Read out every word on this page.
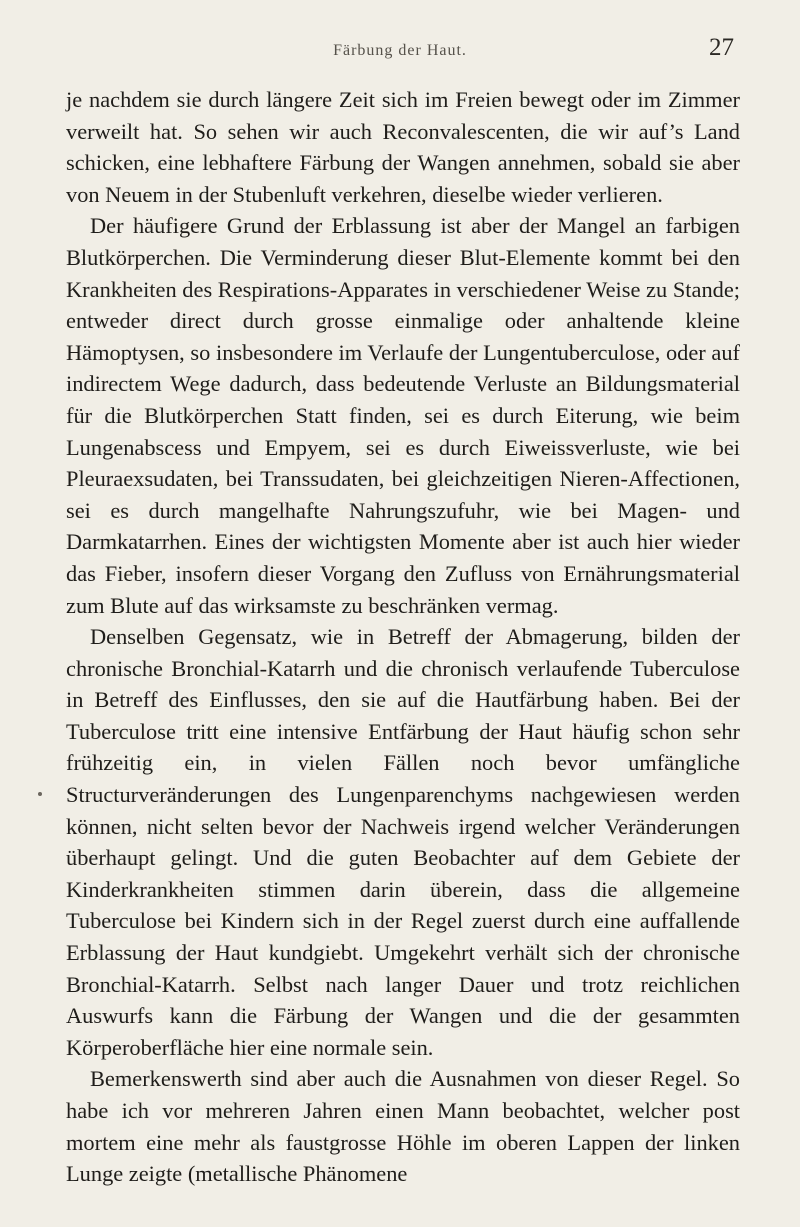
Färbung der Haut.	27

je nachdem sie durch längere Zeit sich im Freien bewegt oder im Zimmer verweilt hat. So sehen wir auch Reconvalescenten, die wir auf’s Land schicken, eine lebhaftere Färbung der Wangen annehmen, sobald sie aber von Neuem in der Stubenluft verkehren, dieselbe wieder verlieren.

Der häufigere Grund der Erblassung ist aber der Mangel an farbigen Blutkörperchen. Die Verminderung dieser Blut-Elemente kommt bei den Krankheiten des Respirations-Apparates in verschiedener Weise zu Stande; entweder direct durch grosse einmalige oder anhaltende kleine Hämoptysen, so insbesondere im Verlaufe der Lungentuberculose, oder auf indirectem Wege dadurch, dass bedeutende Verluste an Bildungsmaterial für die Blutkörperchen Statt finden, sei es durch Eiterung, wie beim Lungenabscess und Empyem, sei es durch Eiweissverluste, wie bei Pleuraexsudaten, bei Transsudaten, bei gleichzeitigen Nieren-Affectionen, sei es durch mangelhafte Nahrungszufuhr, wie bei Magen- und Darmkatarrhen. Eines der wichtigsten Momente aber ist auch hier wieder das Fieber, insofern dieser Vorgang den Zufluss von Ernährungsmaterial zum Blute auf das wirksamste zu beschränken vermag.

Denselben Gegensatz, wie in Betreff der Abmagerung, bilden der chronische Bronchial-Katarrh und die chronisch verlaufende Tuberculose in Betreff des Einflusses, den sie auf die Hautfärbung haben. Bei der Tuberculose tritt eine intensive Entfärbung der Haut häufig schon sehr frühzeitig ein, in vielen Fällen noch bevor umfängliche Structurveränderungen des Lungenparenchyms nachgewiesen werden können, nicht selten bevor der Nachweis irgend welcher Veränderungen überhaupt gelingt. Und die guten Beobachter auf dem Gebiete der Kinderkrankheiten stimmen darin überein, dass die allgemeine Tuberculose bei Kindern sich in der Regel zuerst durch eine auffallende Erblassung der Haut kundgiebt. Umgekehrt verhält sich der chronische Bronchial-Katarrh. Selbst nach langer Dauer und trotz reichlichen Auswurfs kann die Färbung der Wangen und die der gesammten Körperoberfläche hier eine normale sein.

Bemerkenswerth sind aber auch die Ausnahmen von dieser Regel. So habe ich vor mehreren Jahren einen Mann beobachtet, welcher post mortem eine mehr als faustgrosse Höhle im oberen Lappen der linken Lunge zeigte (metallische Phänomene
